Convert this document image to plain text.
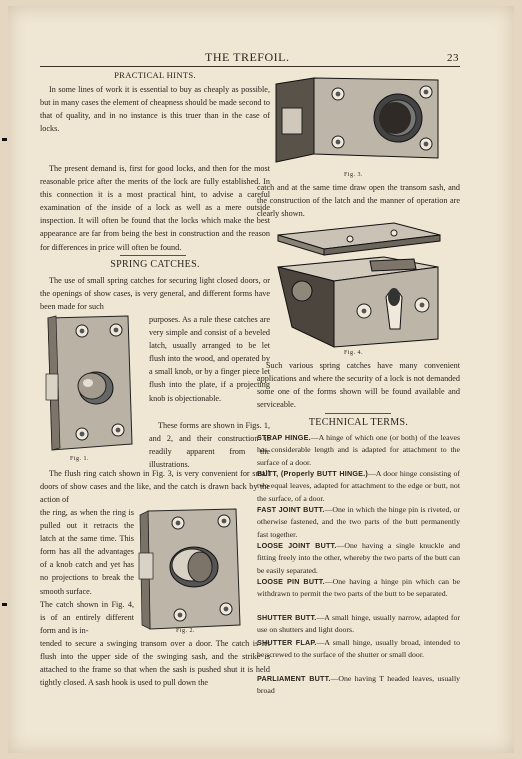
THE TREFOIL.	23
PRACTICAL HINTS.

In some lines of work it is essential to buy as cheaply as possible, but in many cases the element of cheapness should be made second to that of quality, and in no instance is this truer than in the case of locks.

The present demand is, first for good locks, and then for the most reasonable price after the merits of the lock are fully established. In this connection it is a most practical hint, to advise a careful examination of the inside of a lock as well as a mere outside inspection. It will often be found that the locks which make the best appearance are far from being the best in construction and the reason for differences in price will often be found.

SPRING CATCHES.

The use of small spring catches for securing light closed doors, or the openings of show cases, is very general, and different forms have been made for such

Fig. 1.

purposes. As a rule these catches are very simple and consist of a beveled latch, usually arranged to be let flush into the wood, and operated by a small knob, or by a finger piece let flush into the plate, if a projecting knob is objectionable.

These forms are shown in Figs. 1, and 2, and their construction is readily apparent from the illustrations.

The flush ring catch shown in Fig. 3, is very convenient for small doors of show cases and the like, and the catch is drawn back by the action of

the ring, as when the ring is pulled out it retracts the latch at the same time. This form has all the advantages of a knob catch and yet has no projections to break the smooth surface.

The catch shown in Fig. 4, is of an entirely different form and is in-	Fig. 2.

tended to secure a swinging transom over a door. The catch is let flush into the upper side of the swinging sash, and the strike is attached to the frame so that when the sash is pushed shut it is held tightly closed. A sash hook is used to pull down the

Fig. 3.

catch and at the same time draw open the transom sash, and the construction of the latch and the manner of operation are clearly shown.

Fig. 4.

Such various spring catches have many convenient applications and where the security of a lock is not demanded some one of the forms shown will be found available and serviceable.

TECHNICAL TERMS.

STRAP HINGE.—A hinge of which one (or both) of the leaves has considerable length and is adapted for attachment to the surface of a door.

BUTT, (Properly BUTT HINGE.)—A door hinge consisting of two equal leaves, adapted for attachment to the edge or butt, not the surface, of a door.

FAST JOINT BUTT.—One in which the hinge pin is riveted, or otherwise fastened, and the two parts of the butt permanently fast together.

LOOSE JOINT BUTT.—One having a single knuckle and fitting freely into the other, whereby the two parts of the butt can be easily separated.

LOOSE PIN BUTT.—One having a hinge pin which can be withdrawn to permit the two parts of the butt to be separated.

SHUTTER BUTT.—A small hinge, usually narrow, adapted for use on shutters and light doors.

SHUTTER FLAP.—A small hinge, usually broad, intended to be screwed to the surface of the shutter or small door.

PARLIAMENT BUTT.—One having T headed leaves, usually broad
